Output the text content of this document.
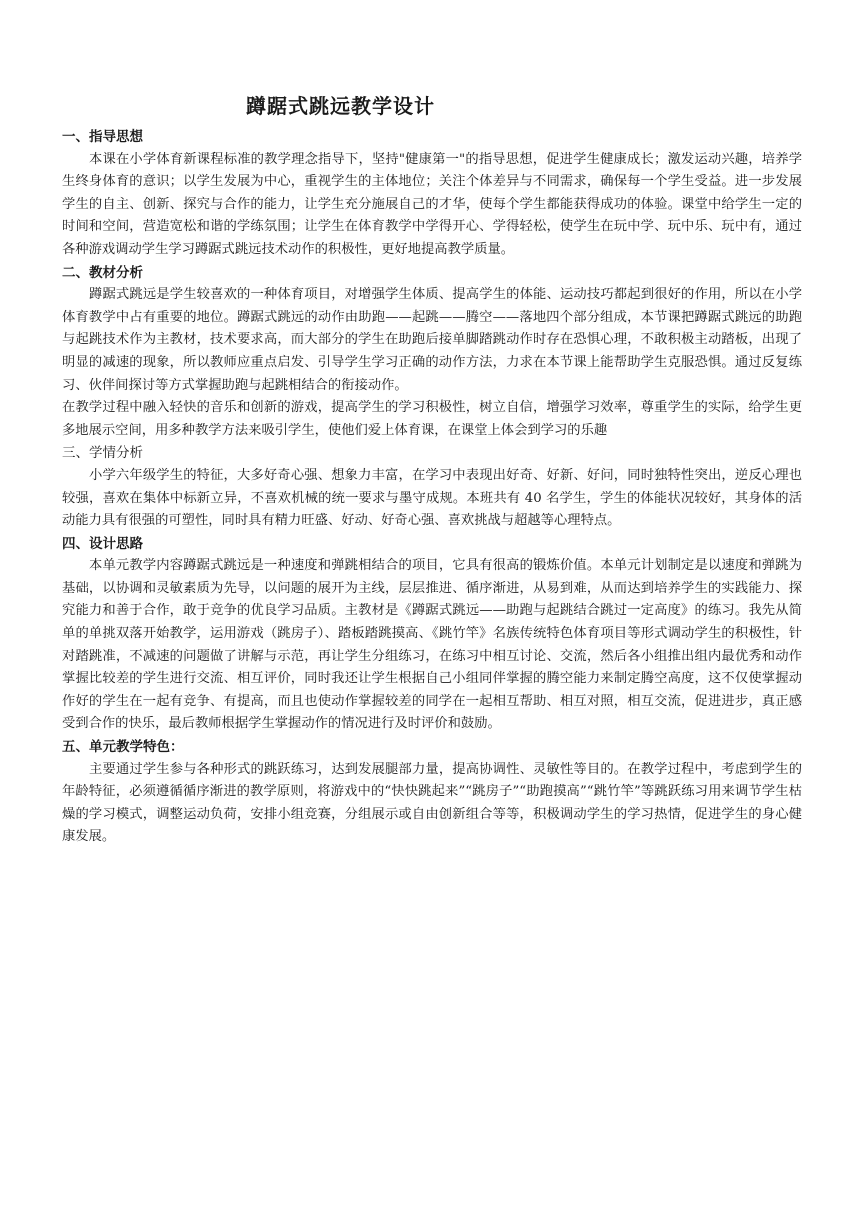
蹲踞式跳远教学设计

一、指导思想

本课在小学体育新课程标准的教学理念指导下，坚持"健康第一"的指导思想，促进学生健康成长；激发运动兴趣，培养学生终身体育的意识；以学生发展为中心，重视学生的主体地位；关注个体差异与不同需求，确保每一个学生受益。进一步发展学生的自主、创新、探究与合作的能力，让学生充分施展自己的才华，使每个学生都能获得成功的体验。课堂中给学生一定的时间和空间，营造宽松和谐的学练氛围；让学生在体育教学中学得开心、学得轻松，使学生在玩中学、玩中乐、玩中有，通过各种游戏调动学生学习蹲踞式跳远技术动作的积极性，更好地提高教学质量。

二、教材分析

蹲踞式跳远是学生较喜欢的一种体育项目，对增强学生体质、提高学生的体能、运动技巧都起到很好的作用，所以在小学体育教学中占有重要的地位。蹲踞式跳远的动作由助跑——起跳——腾空——落地四个部分组成，本节课把蹲踞式跳远的助跑与起跳技术作为主教材，技术要求高，而大部分的学生在助跑后接单脚踏跳动作时存在恐惧心理，不敢积极主动踏板，出现了明显的减速的现象，所以教师应重点启发、引导学生学习正确的动作方法，力求在本节课上能帮助学生克服恐惧。通过反复练习、伙伴间探讨等方式掌握助跑与起跳相结合的衔接动作。

在教学过程中融入轻快的音乐和创新的游戏，提高学生的学习积极性，树立自信，增强学习效率，尊重学生的实际，给学生更多地展示空间，用多种教学方法来吸引学生，使他们爱上体育课，在课堂上体会到学习的乐趣

三、学情分析

小学六年级学生的特征，大多好奇心强、想象力丰富，在学习中表现出好奇、好新、好问，同时独特性突出，逆反心理也较强，喜欢在集体中标新立异，不喜欢机械的统一要求与墨守成规。本班共有 40 名学生，学生的体能状况较好，其身体的活动能力具有很强的可塑性，同时具有精力旺盛、好动、好奇心强、喜欢挑战与超越等心理特点。

四、设计思路

本单元教学内容蹲踞式跳远是一种速度和弹跳相结合的项目，它具有很高的锻炼价值。本单元计划制定是以速度和弹跳为基础，以协调和灵敏素质为先导，以问题的展开为主线，层层推进、循序渐进，从易到难，从而达到培养学生的实践能力、探究能力和善于合作，敢于竞争的优良学习品质。主教材是《蹲踞式跳远——助跑与起跳结合跳过一定高度》的练习。我先从简单的单挑双落开始教学，运用游戏（跳房子）、踏板踏跳摸高、《跳竹竿》名族传统特色体育项目等形式调动学生的积极性，针对踏跳准，不减速的问题做了讲解与示范，再让学生分组练习，在练习中相互讨论、交流，然后各小组推出组内最优秀和动作掌握比较差的学生进行交流、相互评价，同时我还让学生根据自己小组同伴掌握的腾空能力来制定腾空高度，这不仅使掌握动作好的学生在一起有竞争、有提高，而且也使动作掌握较差的同学在一起相互帮助、相互对照，相互交流，促进进步，真正感受到合作的快乐，最后教师根据学生掌握动作的情况进行及时评价和鼓励。

五、单元教学特色：

主要通过学生参与各种形式的跳跃练习，达到发展腿部力量，提高协调性、灵敏性等目的。在教学过程中，考虑到学生的年龄特征，必须遵循循序渐进的教学原则，将游戏中的“快快跳起来”“跳房子”“助跑摸高”“跳竹竿”等跳跃练习用来调节学生枯燥的学习模式，调整运动负荷，安排小组竞赛，分组展示或自由创新组合等等，积极调动学生的学习热情，促进学生的身心健康发展。
